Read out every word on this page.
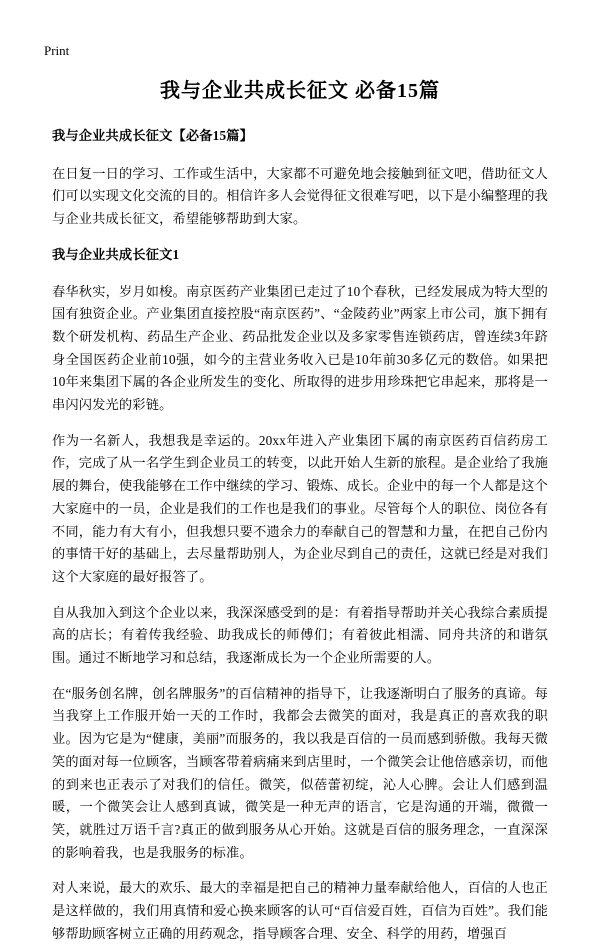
Print
我与企业共成长征文 必备15篇

我与企业共成长征文【必备15篇】

在日复一日的学习、工作或生活中，大家都不可避免地会接触到征文吧，借助征文人们可以实现文化交流的目的。相信许多人会觉得征文很难写吧，以下是小编整理的我与企业共成长征文，希望能够帮助到大家。

我与企业共成长征文1

春华秋实，岁月如梭。南京医药产业集团已走过了10个春秋，已经发展成为特大型的国有独资企业。产业集团直接控股“南京医药”、“金陵药业”两家上市公司，旗下拥有数个研发机构、药品生产企业、药品批发企业以及多家零售连锁药店，曾连续3年跻身全国医药企业前10强，如今的主营业务收入已是10年前30多亿元的数倍。如果把10年来集团下属的各企业所发生的变化、所取得的进步用珍珠把它串起来，那将是一串闪闪发光的彩链。

作为一名新人，我想我是幸运的。20xx年进入产业集团下属的南京医药百信药房工作，完成了从一名学生到企业员工的转变，以此开始人生新的旅程。是企业给了我施展的舞台，使我能够在工作中继续的学习、锻炼、成长。企业中的每一个人都是这个大家庭中的一员，企业是我们的工作也是我们的事业。尽管每个人的职位、岗位各有不同，能力有大有小，但我想只要不遗余力的奉献自己的智慧和力量，在把自己份内的事情干好的基础上，去尽量帮助别人，为企业尽到自己的责任，这就已经是对我们这个大家庭的最好报答了。

自从我加入到这个企业以来，我深深感受到的是：有着指导帮助并关心我综合素质提高的店长；有着传我经验、助我成长的师傅们；有着彼此相濡、同舟共济的和谐氛围。通过不断地学习和总结，我逐渐成长为一个企业所需要的人。

在“服务创名牌，创名牌服务”的百信精神的指导下，让我逐渐明白了服务的真谛。每当我穿上工作服开始一天的工作时，我都会去微笑的面对，我是真正的喜欢我的职业。因为它是为“健康，美丽”而服务的，我以我是百信的一员而感到骄傲。我每天微笑的面对每一位顾客，当顾客带着病痛来到店里时，一个微笑会让他倍感亲切，而他的到来也正表示了对我们的信任。微笑，似蓓蕾初绽，沁人心脾。会让人们感到温暖，一个微笑会让人感到真诚，微笑是一种无声的语言，它是沟通的开端，微微一笑，就胜过万语千言?真正的做到服务从心开始。这就是百信的服务理念，一直深深的影响着我，也是我服务的标准。

对人来说，最大的欢乐、最大的幸福是把自己的精神力量奉献给他人，百信的人也正是这样做的，我们用真情和爱心换来顾客的认可“百信爱百姓，百信为百姓”。我们能够帮助顾客树立正确的用药观念，指导顾客合理、安全、科学的用药，增强百
